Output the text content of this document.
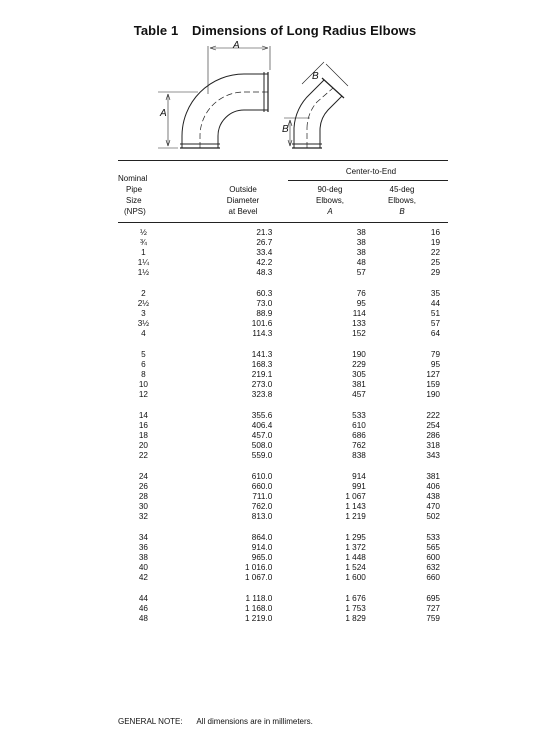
Table 1 Dimensions of Long Radius Elbows
A
A
B
B
Center-to-End
Nominal
Pipe
Size
(NPS)
Outside
Diameter
at Bevel
90-deg
Elbows,
A
45-deg
Elbows,
B
½	21.3	38	16
¾	26.7	38	19
1	33.4	38	22
1¼	42.2	48	25
1½	48.3	57	29

2	60.3	76	35
2½	73.0	95	44
3	88.9	114	51
3½	101.6	133	57
4	114.3	152	64

5	141.3	190	79
6	168.3	229	95
8	219.1	305	127
10	273.0	381	159
12	323.8	457	190

14	355.6	533	222
16	406.4	610	254
18	457.0	686	286
20	508.0	762	318
22	559.0	838	343

24	610.0	914	381
26	660.0	991	406
28	711.0	1 067	438
30	762.0	1 143	470
32	813.0	1 219	502

34	864.0	1 295	533
36	914.0	1 372	565
38	965.0	1 448	600
40	1 016.0	1 524	632
42	1 067.0	1 600	660

44	1 118.0	1 676	695
46	1 168.0	1 753	727
48	1 219.0	1 829	759
GENERAL NOTE: All dimensions are in millimeters.
